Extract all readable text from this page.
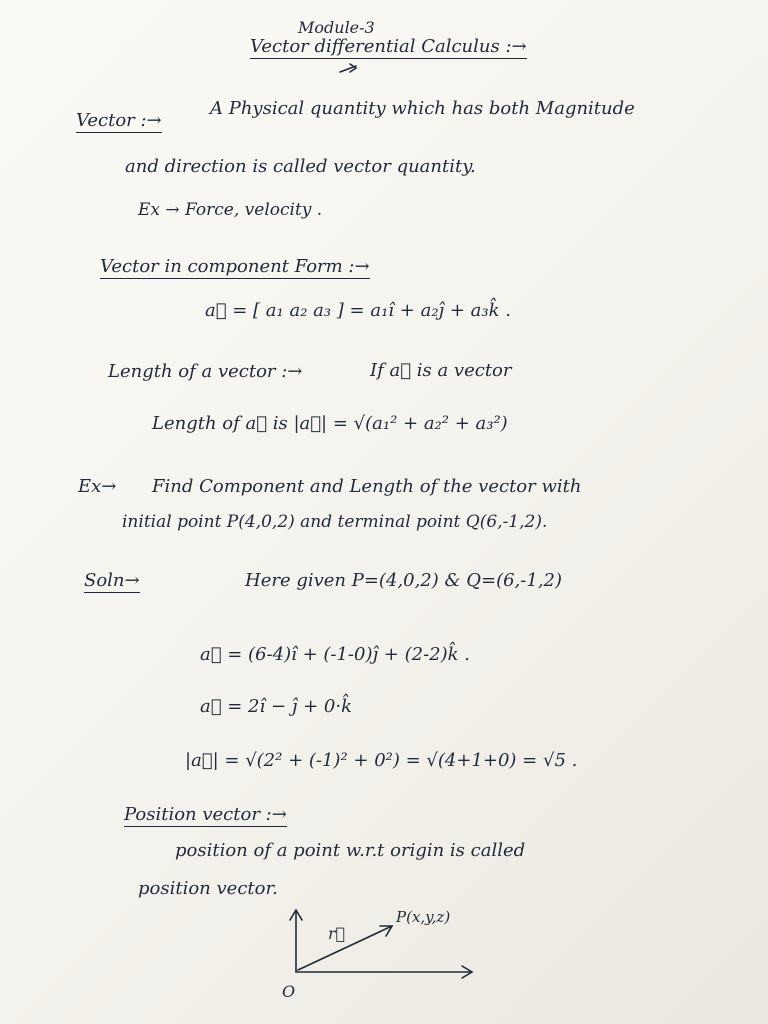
Module-3
Vector differential Calculus :→
Vector :→
A Physical quantity which has both Magnitude
and direction is called vector quantity.
Ex → Force, velocity .
Vector in component Form :→
a⃗ = [ a₁ a₂ a₃ ] = a₁î + a₂ĵ + a₃k̂ .
Length of a vector :→	If a⃗ is a vector
Length of a⃗ is |a⃗| = √(a₁² + a₂² + a₃²)
Ex→ Find Component and Length of the vector with
initial point P(4,0,2) and terminal point Q(6,-1,2).
Soln→	Here given P=(4,0,2) & Q=(6,-1,2)
a⃗ = (6-4)î + (-1-0)ĵ + (2-2)k̂ .
a⃗ = 2î − ĵ + 0·k̂
|a⃗| = √(2² + (-1)² + 0²) = √(4+1+0) = √5 .
Position vector :→
position of a point w.r.t origin is called
position vector.
r⃗
P(x,y,z)
O
